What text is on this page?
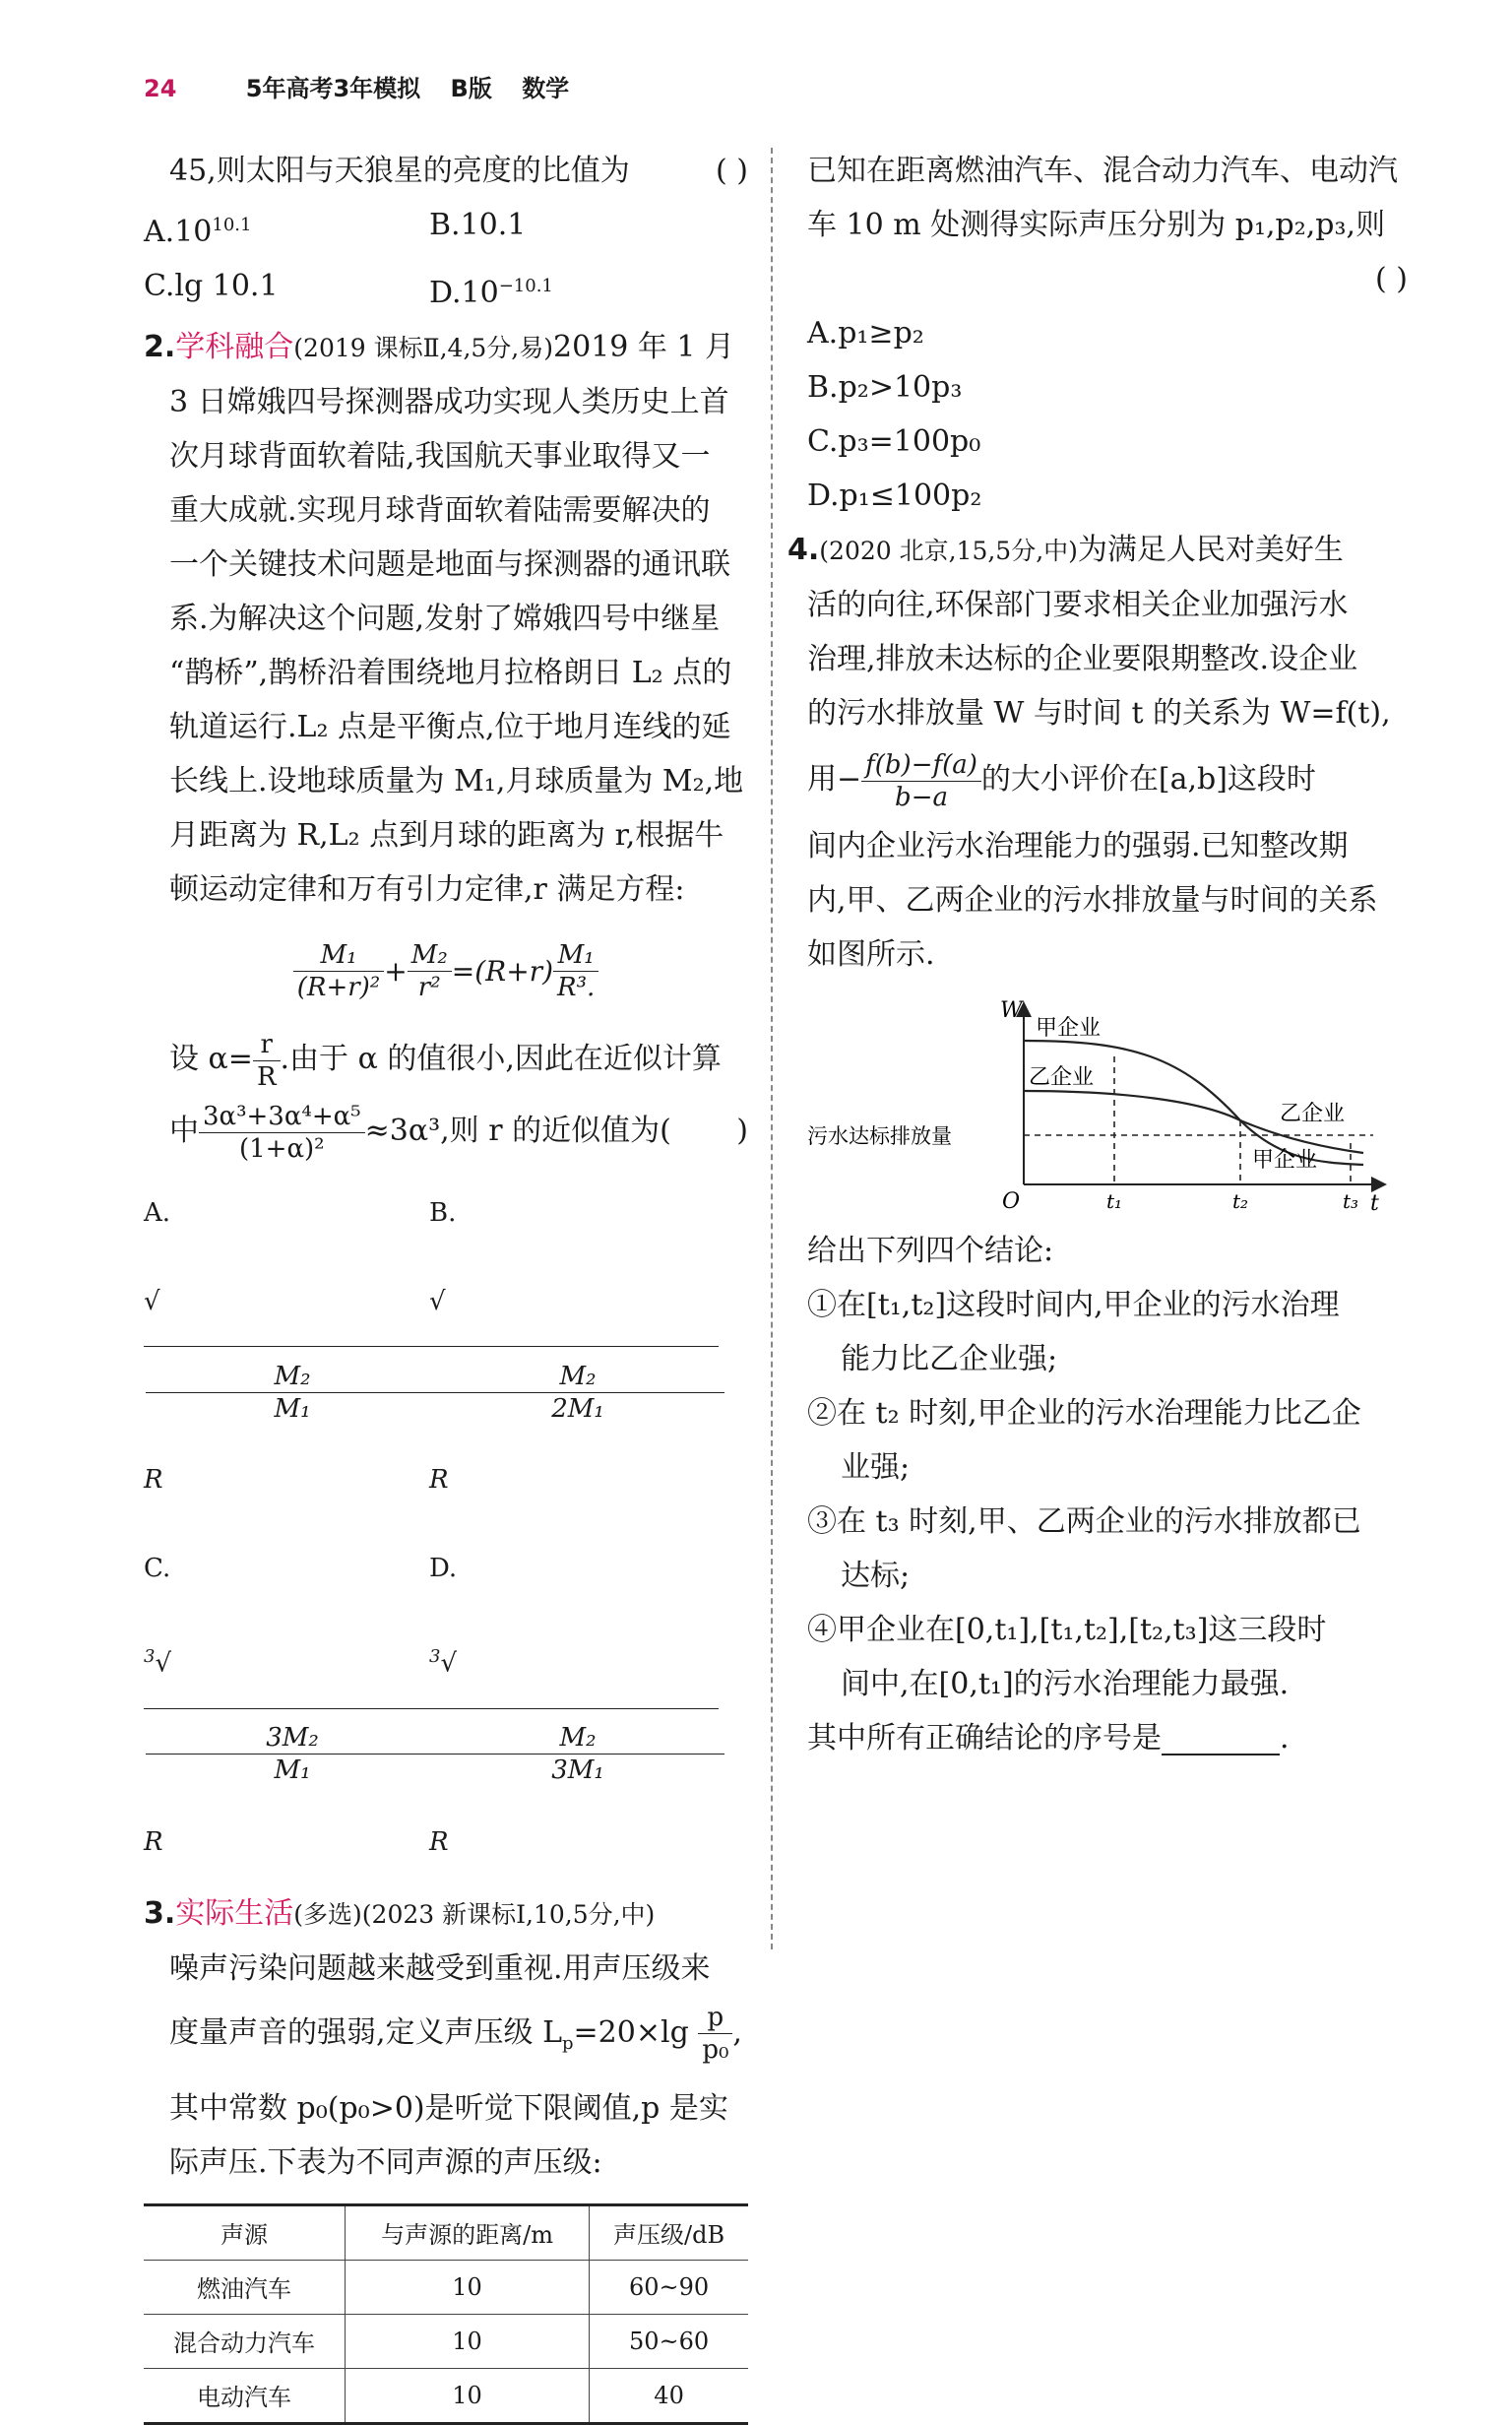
24	5年高考3年模拟 B版 数学

45,则太阳与天狼星的亮度的比值为	( )

$A.10^{10.1}$	B.10.1
C.lg 10.1	$D.10^{-10.1}$

2.学科融合(2019 课标Ⅱ,4,5分,易)2019 年 1 月

3 日嫦娥四号探测器成功实现人类历史上首

次月球背面软着陆,我国航天事业取得又一

重大成就.实现月球背面软着陆需要解决的

一个关键技术问题是地面与探测器的通讯联

系.为解决这个问题,发射了嫦娥四号中继星

“鹊桥”,鹊桥沿着围绕地月拉格朗日 L₂ 点的

轨道运行.L₂ 点是平衡点,位于地月连线的延

长线上.设地球质量为 M₁,月球质量为 M₂,地

月距离为 R,L₂ 点到月球的距离为 r,根据牛

顿运动定律和万有引力定律,r 满足方程:

M₁
$(R+r)^2 + \frac{\text{M₂}}{\text{r²}} =(R+r)$ M₁
R³.

设 $\alpha= \frac{r}{R}$ .由于 α 的值很小,因此在近似计算

中 $\frac{\text{3α³+3α⁴+α⁵}}{\text{(1+α)²}} \approx 3\alpha^3$,则 r 的近似值为( )

A.√
$\frac{\text{M₂}}{\text{M₁}}$
R
B.√
$\frac{\text{M₂}}{\text{2M₁}}$
R
C.$^3$√
$\frac{\text{3M₂}}{\text{M₁}}$
R
D.$^3$√
$\frac{\text{M₂}}{\text{3M₁}}$
R

3.实际生活(多选)(2023 新课标Ⅰ,10,5分,中)

噪声污染问题越来越受到重视.用声压级来

度量声音的强弱,定义声压级 $L_p=20\times\lg \frac{p}{\text{p₀}}$ ,

其中常数 p₀(p₀>0)是听觉下限阈值,p 是实

际声压.下表为不同声源的声压级:

声源	与声源的距离/m	声压级/dB
燃油汽车	10	60~90
混合动力汽车	10	50~60
电动汽车	10	40

已知在距离燃油汽车、混合动力汽车、电动汽

车 10 m 处测得实际声压分别为 p₁,p₂,p₃,则

( )

A.p₁≥p₂

B.p₂>10p₃

C.p₃=100p₀

D.p₁≤100p₂

4.(2020 北京,15,5分,中)为满足人民对美好生

活的向往,环保部门要求相关企业加强污水

治理,排放未达标的企业要限期整改.设企业

的污水排放量 W 与时间 t 的关系为 W=f(t),

用− $\frac{f(b)-f(a)}{b-a}$ 的大小评价在[a,b]这段时

间内企业污水治理能力的强弱.已知整改期

内,甲、乙两企业的污水排放量与时间的关系

如图所示.

W
t
O
污水达标排放量
t₁	t₂	t₃
甲企业
乙企业
乙企业
甲企业

给出下列四个结论:

①在[t₁,t₂]这段时间内,甲企业的污水治理

能力比乙企业强;

②在 t₂ 时刻,甲企业的污水治理能力比乙企

业强;

③在 t₃ 时刻,甲、乙两企业的污水排放都已

达标;

④甲企业在[0,t₁],[t₁,t₂],[t₂,t₃]这三段时

间中,在[0,t₁]的污水治理能力最强.

其中所有正确结论的序号是	.
